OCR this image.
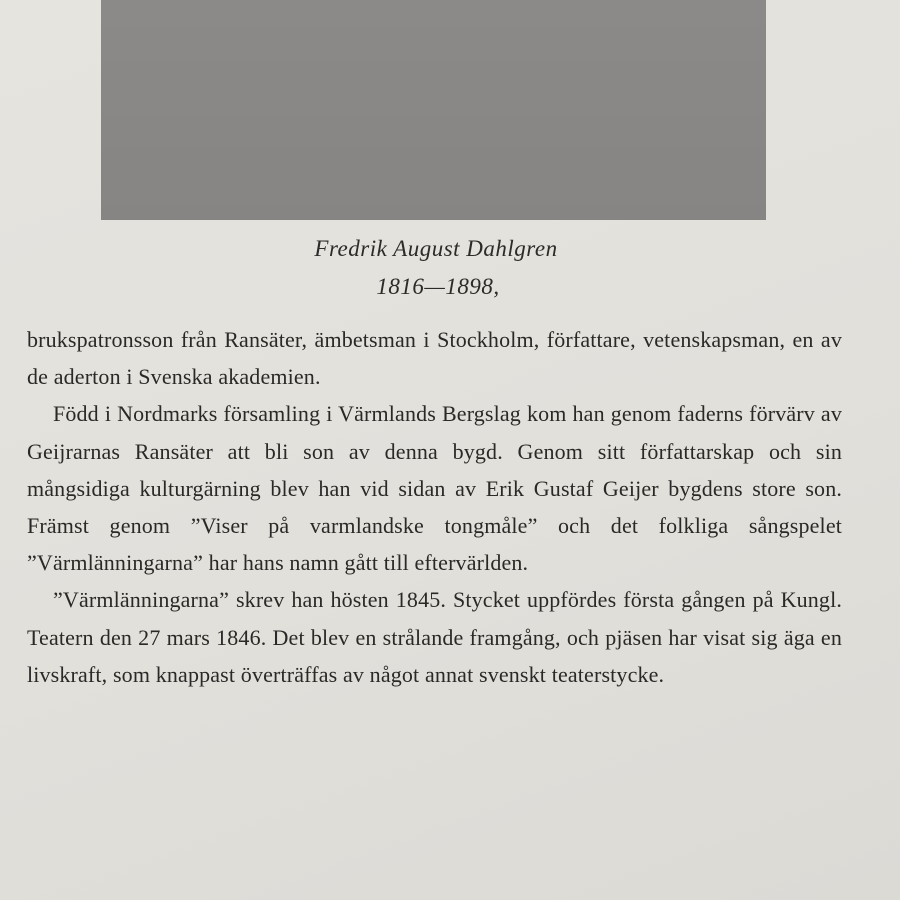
Fredrik August Dahlgren
1816—1898,

brukspatronsson från Ransäter, ämbetsman i Stockholm, författare, vetenskapsman, en av de aderton i Svenska akademien.

Född i Nordmarks församling i Värmlands Bergslag kom han genom faderns förvärv av Geijrarnas Ransäter att bli son av denna bygd. Genom sitt författarskap och sin mångsidiga kulturgärning blev han vid sidan av Erik Gustaf Geijer bygdens store son. Främst genom ”Viser på varmlandske tongmåle” och det folkliga sångspelet ”Värmlänningarna” har hans namn gått till eftervärlden.

”Värmlänningarna” skrev han hösten 1845. Stycket uppfördes första gången på Kungl. Teatern den 27 mars 1846. Det blev en strålande framgång, och pjäsen har visat sig äga en livskraft, som knappast överträffas av något annat svenskt teaterstycke.
